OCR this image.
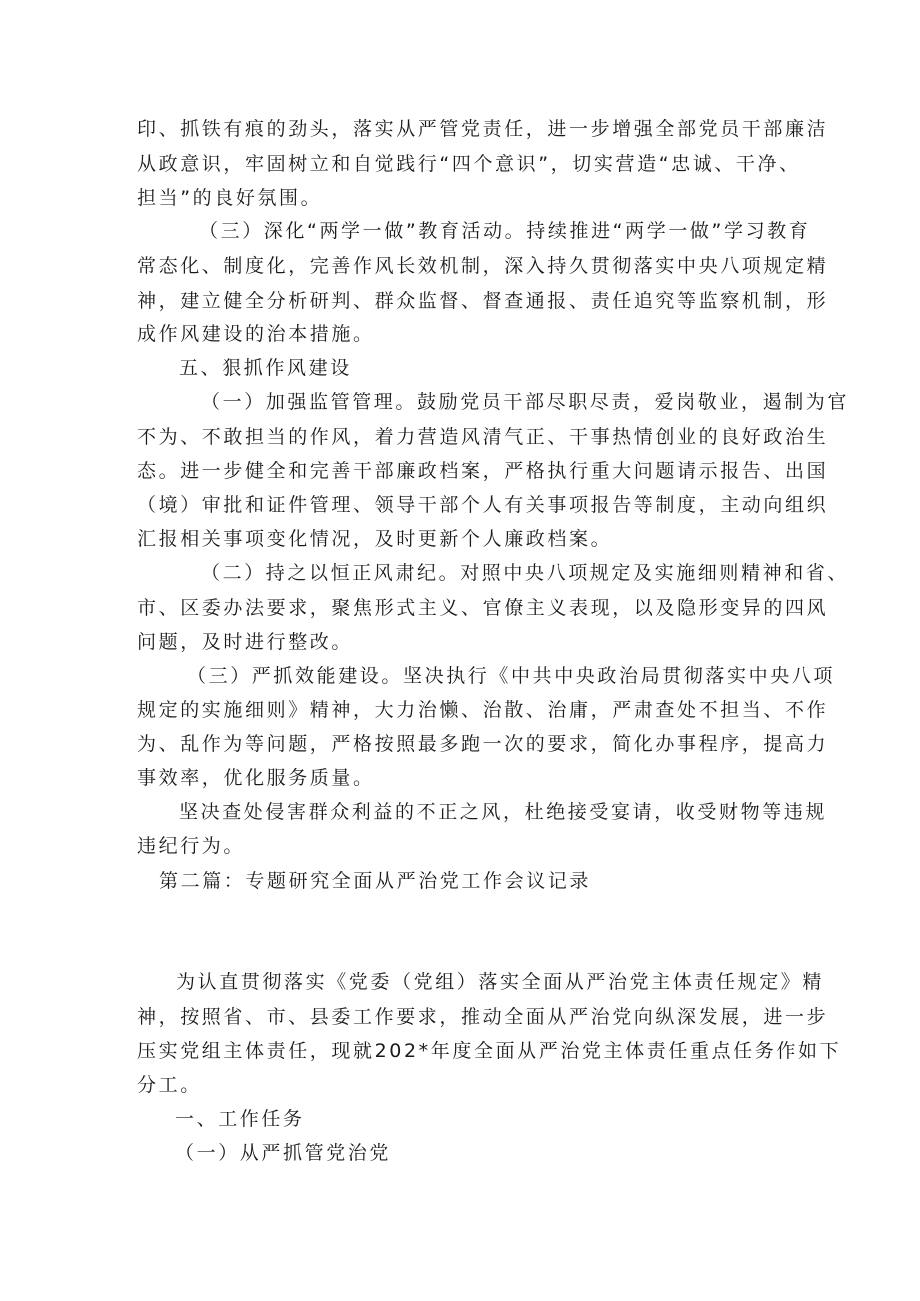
印、抓铁有痕的劲头，落实从严管党责任，进一步增强全部党员干部廉洁
从政意识，牢固树立和自觉践行“四个意识”，切实营造“忠诚、干净、
担当”的良好氛围。
（三）深化“两学一做”教育活动。持续推进“两学一做”学习教育
常态化、制度化，完善作风长效机制，深入持久贯彻落实中央八项规定精
神，建立健全分析研判、群众监督、督查通报、责任追究等监察机制，形
成作风建设的治本措施。
五、狠抓作风建设
（一）加强监管管理。鼓励党员干部尽职尽责，爱岗敬业，遏制为官
不为、不敢担当的作风，着力营造风清气正、干事热情创业的良好政治生
态。进一步健全和完善干部廉政档案，严格执行重大问题请示报告、出国
（境）审批和证件管理、领导干部个人有关事项报告等制度，主动向组织
汇报相关事项变化情况，及时更新个人廉政档案。
（二）持之以恒正风肃纪。对照中央八项规定及实施细则精神和省、
市、区委办法要求，聚焦形式主义、官僚主义表现，以及隐形变异的四风
问题，及时进行整改。
（三）严抓效能建设。坚决执行《中共中央政治局贯彻落实中央八项
规定的实施细则》精神，大力治懒、治散、治庸，严肃查处不担当、不作
为、乱作为等问题，严格按照最多跑一次的要求，简化办事程序，提高力
事效率，优化服务质量。
坚决查处侵害群众利益的不正之风，杜绝接受宴请，收受财物等违规
违纪行为。
第二篇：专题研究全面从严治党工作会议记录
为认直贯彻落实《党委（党组）落实全面从严治党主体责任规定》精
神，按照省、市、县委工作要求，推动全面从严治党向纵深发展，进一步
压实党组主体责任，现就202*年度全面从严治党主体责任重点任务作如下
分工。
一、工作任务
（一）从严抓管党治党
